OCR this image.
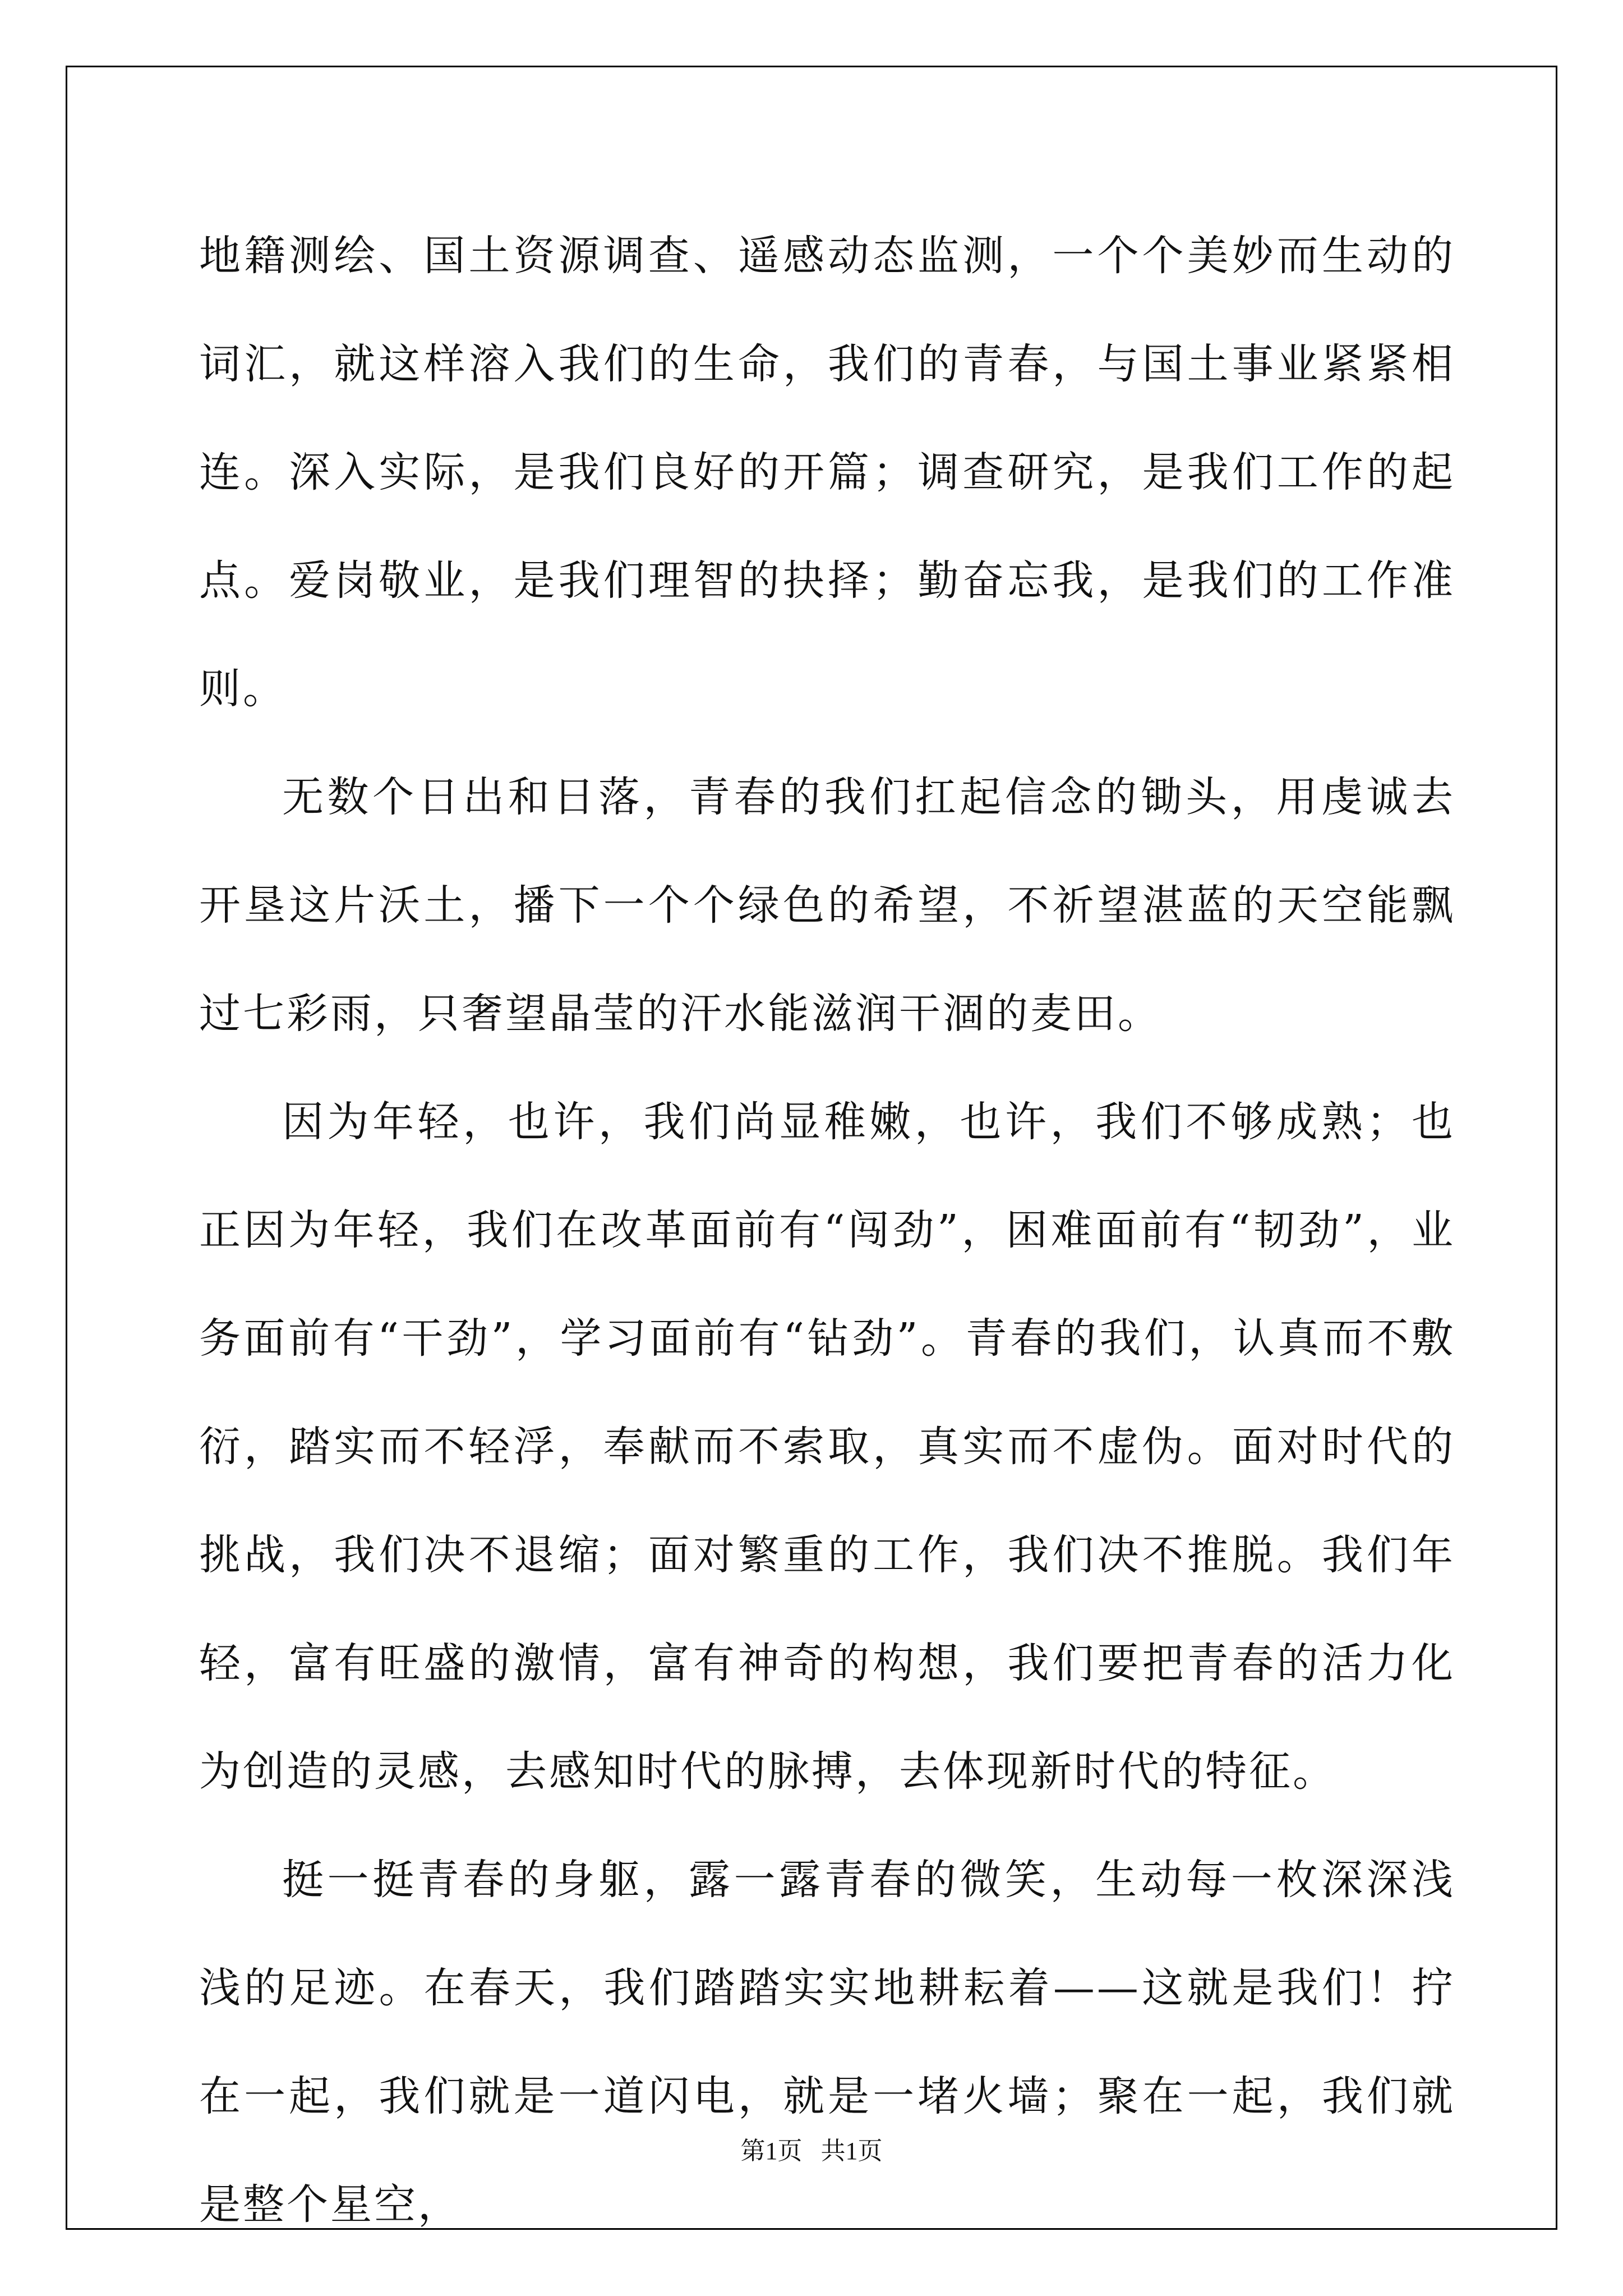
地籍测绘、国土资源调查、遥感动态监测，一个个美妙而生动的词汇，就这样溶入我们的生命，我们的青春，与国土事业紧紧相连。深入实际，是我们良好的开篇；调查研究，是我们工作的起点。爱岗敬业，是我们理智的抉择；勤奋忘我，是我们的工作准则。

无数个日出和日落，青春的我们扛起信念的锄头，用虔诚去开垦这片沃土，播下一个个绿色的希望，不祈望湛蓝的天空能飘过七彩雨，只奢望晶莹的汗水能滋润干涸的麦田。

因为年轻，也许，我们尚显稚嫩，也许，我们不够成熟；也正因为年轻，我们在改革面前有“闯劲”，困难面前有“韧劲”，业务面前有“干劲”，学习面前有“钻劲”。青春的我们，认真而不敷衍，踏实而不轻浮，奉献而不索取，真实而不虚伪。面对时代的挑战，我们决不退缩；面对繁重的工作，我们决不推脱。我们年轻，富有旺盛的激情，富有神奇的构想，我们要把青春的活力化为创造的灵感，去感知时代的脉搏，去体现新时代的特征。

挺一挺青春的身躯，露一露青春的微笑，生动每一枚深深浅浅的足迹。在春天，我们踏踏实实地耕耘着——这就是我们！拧在一起，我们就是一道闪电，就是一堵火墙；聚在一起，我们就是整个星空，

第1页 共1页
